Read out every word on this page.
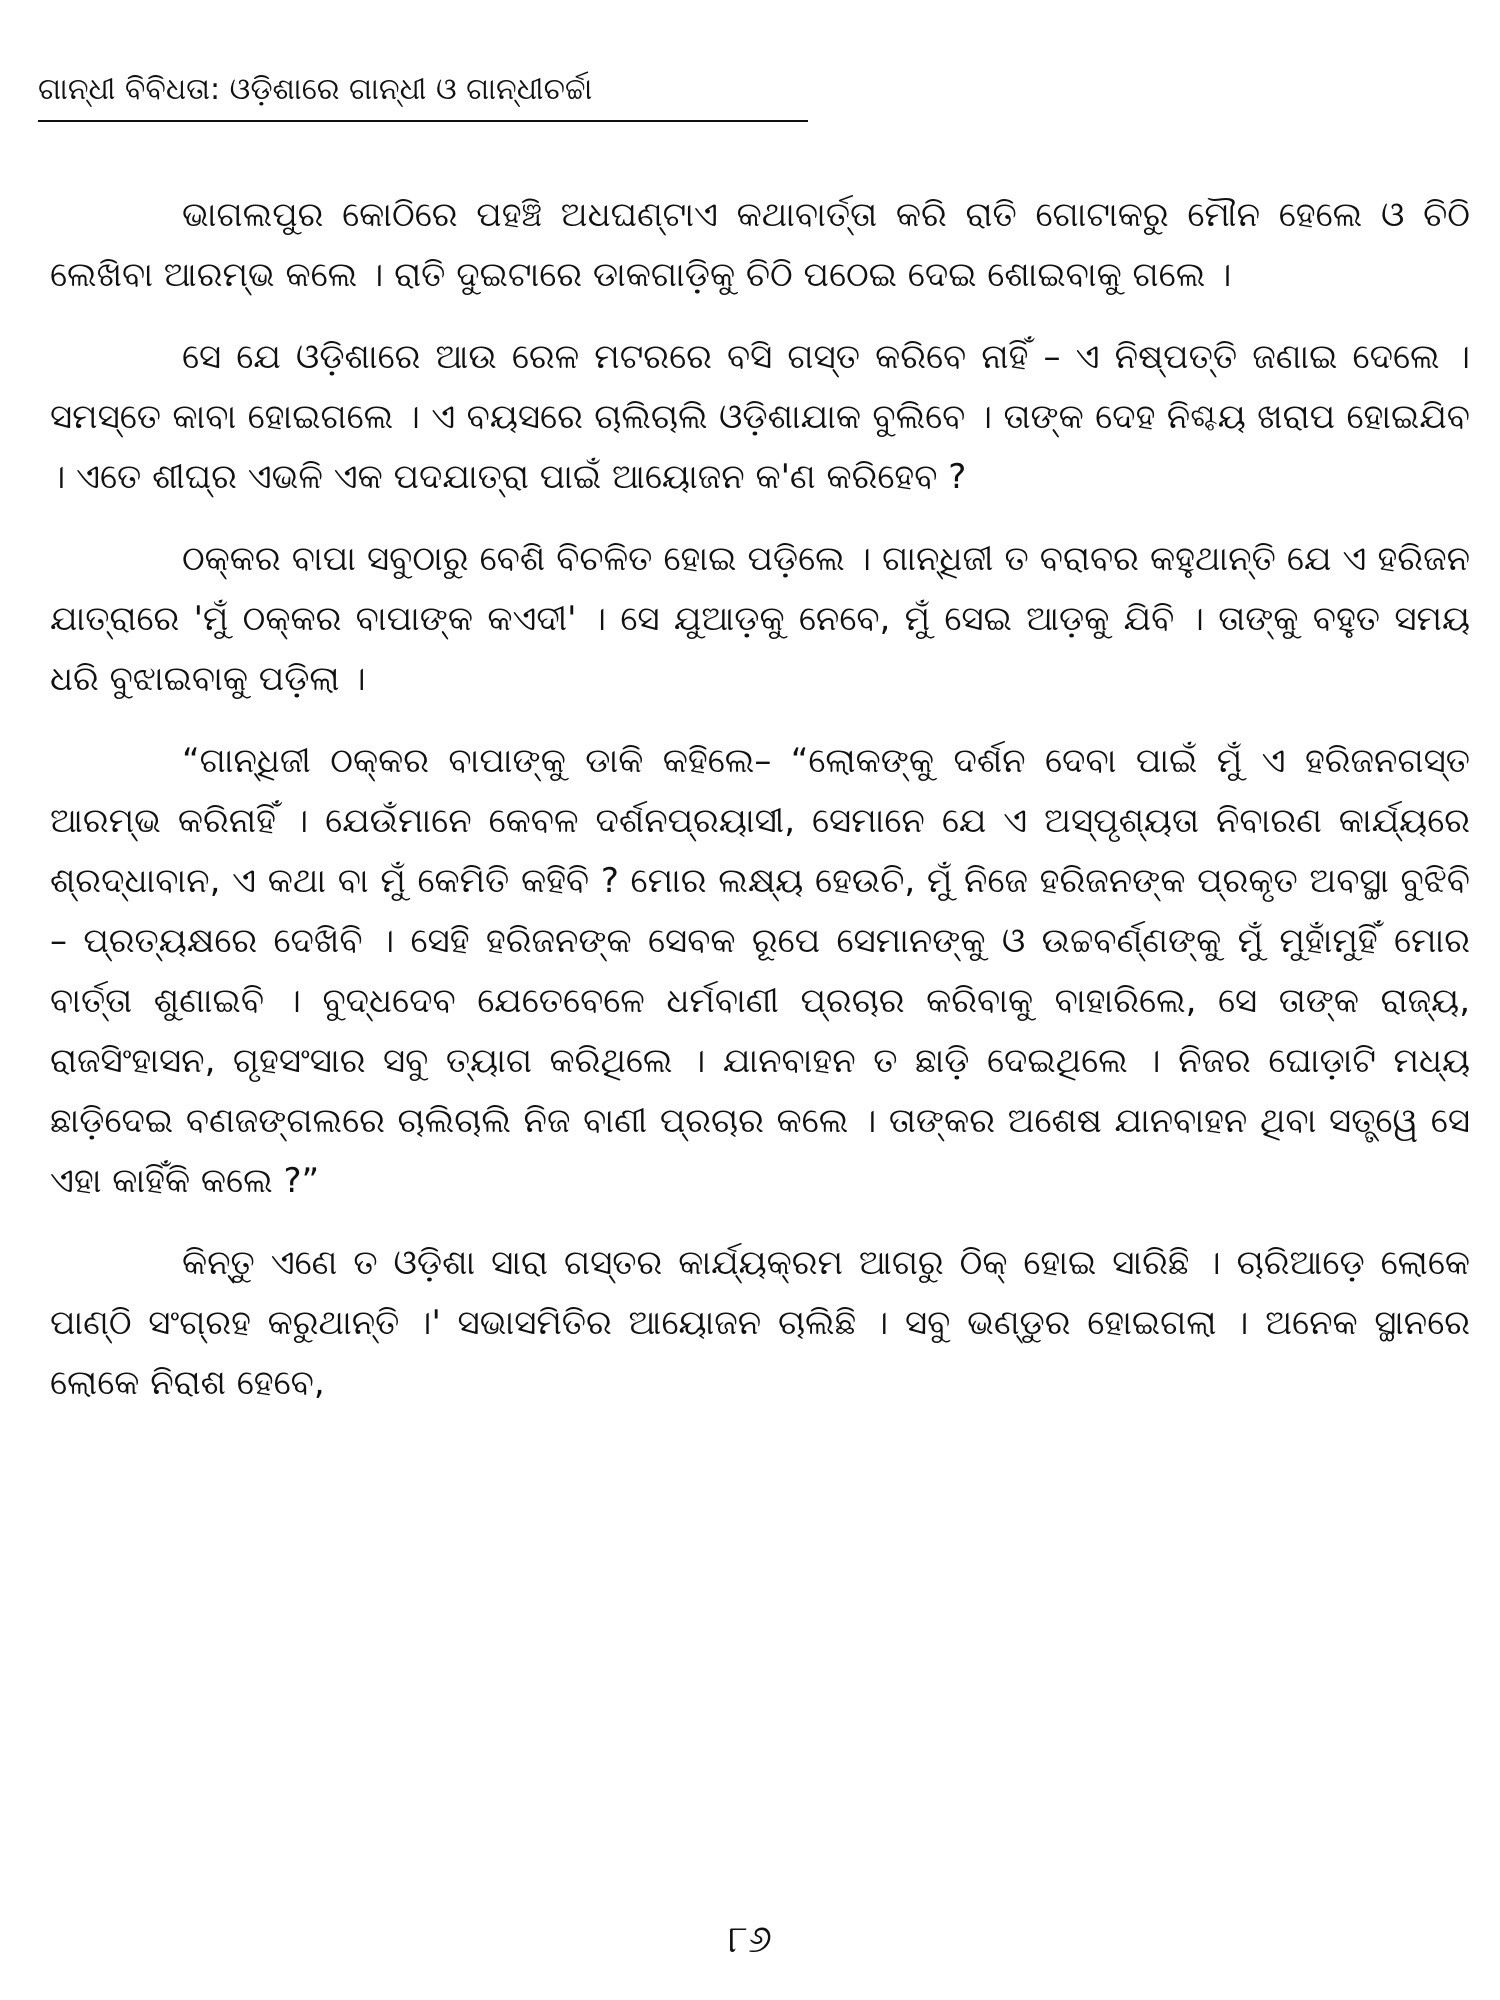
ଗାନ୍ଧୀ ବିବିଧତା: ଓଡ଼ିଶାରେ ଗାନ୍ଧୀ ଓ ଗାନ୍ଧୀଚର୍ଚ୍ଚା

ଭାଗଲପୁର କୋଠିରେ ପହଞ୍ଚି ଅଧଘଣ୍ଟାଏ କଥାବାର୍ତ୍ତା କରି ରାତି ଗୋଟାକରୁ ମୌନ ହେଲେ ଓ ଚିଠି ଲେଖିବା ଆରମ୍ଭ କଲେ । ରାତି ଦୁଇଟାରେ ଡାକଗାଡ଼ିକୁ ଚିଠି ପଠେଇ ଦେଇ ଶୋଇବାକୁ ଗଲେ ।

ସେ ଯେ ଓଡ଼ିଶାରେ ଆଉ ରେଳ ମଟରରେ ବସି ଗସ୍ତ କରିବେ ନାହିଁ – ଏ ନିଷ୍ପତ୍ତି ଜଣାଇ ଦେଲେ । ସମସ୍ତେ କାବା ହୋଇଗଲେ । ଏ ବୟସରେ ଚାଲିଚାଲି ଓଡ଼ିଶାଯାକ ବୁଲିବେ । ତାଙ୍କ ଦେହ ନିଶ୍ଚୟ ଖରାପ ହୋଇଯିବ । ଏତେ ଶୀଘ୍ର ଏଭଳି ଏକ ପଦଯାତ୍ରା ପାଇଁ ଆୟୋଜନ କ'ଣ କରିହେବ ?

ଠକ୍କର ବାପା ସବୁଠାରୁ ବେଶି ବିଚଳିତ ହୋଇ ପଡ଼ିଲେ । ଗାନ୍ଧିଜୀ ତ ବରାବର କହୁଥାନ୍ତି ଯେ ଏ ହରିଜନ ଯାତ୍ରାରେ 'ମୁଁ ଠକ୍କର ବାପାଙ୍କ କଏଦୀ' । ସେ ଯୁଆଡ଼କୁ ନେବେ, ମୁଁ ସେଇ ଆଡ଼କୁ ଯିବି । ତାଙ୍କୁ ବହୁତ ସମୟ ଧରି ବୁଝାଇବାକୁ ପଡ଼ିଲା ।

“ଗାନ୍ଧିଜୀ ଠକ୍କର ବାପାଙ୍କୁ ଡାକି କହିଲେ– “ଲୋକଙ୍କୁ ଦର୍ଶନ ଦେବା ପାଇଁ ମୁଁ ଏ ହରିଜନଗସ୍ତ ଆରମ୍ଭ କରିନାହିଁ । ଯେଉଁମାନେ କେବଳ ଦର୍ଶନପ୍ରୟାସୀ, ସେମାନେ ଯେ ଏ ଅସ୍ପୃଶ୍ୟତା ନିବାରଣ କାର୍ଯ୍ୟରେ ଶ୍ରଦ୍ଧାବାନ, ଏ କଥା ବା ମୁଁ କେମିତି କହିବି ? ମୋର ଲକ୍ଷ୍ୟ ହେଉଚି, ମୁଁ ନିଜେ ହରିଜନଙ୍କ ପ୍ରକୃତ ଅବସ୍ଥା ବୁଝିବି – ପ୍ରତ୍ୟକ୍ଷରେ ଦେଖିବି । ସେହି ହରିଜନଙ୍କ ସେବକ ରୂପେ ସେମାନଙ୍କୁ ଓ ଉଚ୍ଚବର୍ଣ୍ଣଙ୍କୁ ମୁଁ ମୁହାଁମୁହିଁ ମୋର ବାର୍ତ୍ତା ଶୁଣାଇବି । ବୁଦ୍ଧଦେବ ଯେତେବେଳେ ଧର୍ମବାଣୀ ପ୍ରଚାର କରିବାକୁ ବାହାରିଲେ, ସେ ତାଙ୍କ ରାଜ୍ୟ, ରାଜସିଂହାସନ, ଗୃହସଂସାର ସବୁ ତ୍ୟାଗ କରିଥିଲେ । ଯାନବାହନ ତ ଛାଡ଼ି ଦେଇଥିଲେ । ନିଜର ଘୋଡ଼ାଟି ମଧ୍ୟ ଛାଡ଼ିଦେଇ ବଣଜଙ୍ଗଲରେ ଚାଲିଚାଲି ନିଜ ବାଣୀ ପ୍ରଚାର କଲେ । ତାଙ୍କର ଅଶେଷ ଯାନବାହନ ଥିବା ସତ୍ତ୍ୱେ ସେ ଏହା କାହିଁକି କଲେ ?”

କିନ୍ତୁ ଏଣେ ତ ଓଡ଼ିଶା ସାରା ଗସ୍ତର କାର୍ଯ୍ୟକ୍ରମ ଆଗରୁ ଠିକ୍ ହୋଇ ସାରିଛି । ଚାରିଆଡ଼େ ଲୋକେ ପାଣ୍ଠି ସଂଗ୍ରହ କରୁଥାନ୍ତି ।' ସଭାସମିତିର ଆୟୋଜନ ଚାଲିଛି । ସବୁ ଭଣ୍ଡୁର ହୋଇଗଲା । ଅନେକ ସ୍ଥାନରେ ଲୋକେ ନିରାଶ ହେବେ,

୮୬
